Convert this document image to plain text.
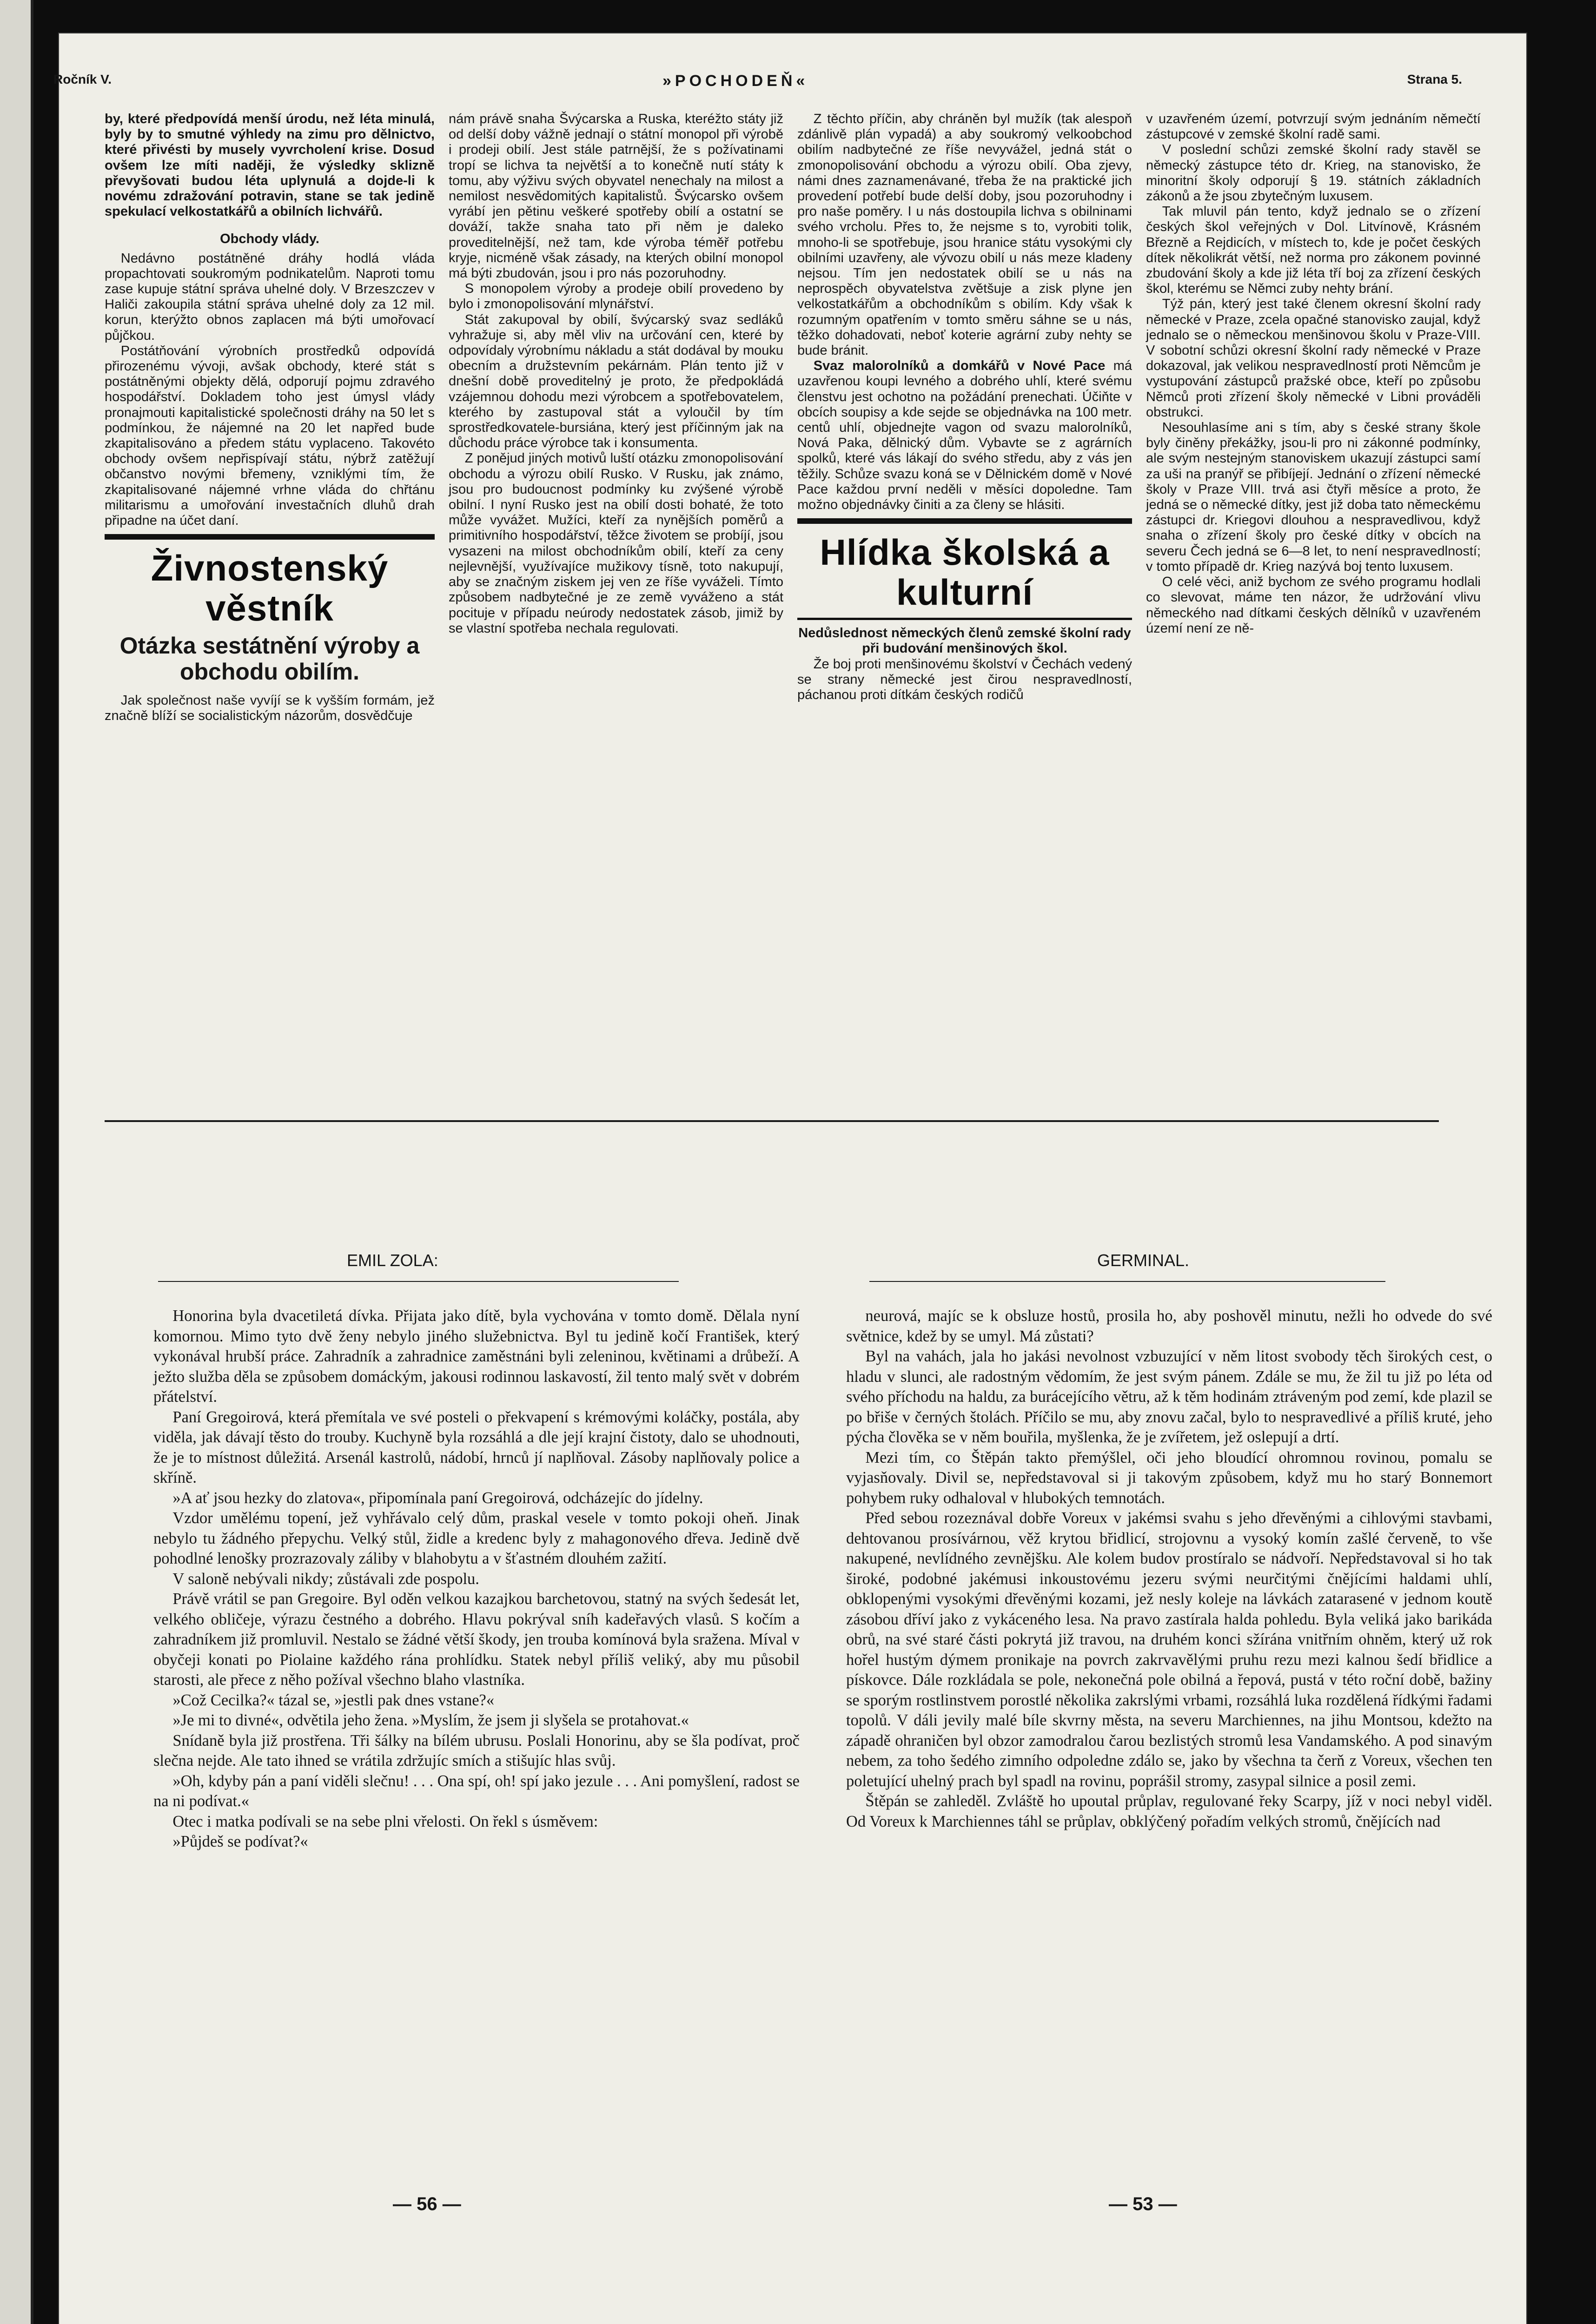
Ročník V.	»POCHODEŇ«	Strana 5.

by, které předpovídá menší úrodu, než léta minulá, byly by to smutné výhledy na zimu pro dělnictvo, které přivésti by musely vyvrcholení krise. Dosud ovšem lze míti naději, že výsledky sklizně převyšovati budou léta uplynulá a dojde-li k novému zdražování potravin, stane se tak jedině spekulací velkostatkářů a obilních lichvářů.

Obchody vlády.

Nedávno postátněné dráhy hodlá vláda propachtovati soukromým podnikatelům. Naproti tomu zase kupuje státní správa uhelné doly. V Brzeszczev v Haliči zakoupila státní správa uhelné doly za 12 mil. korun, kterýžto obnos zaplacen má býti umořovací půjčkou.

Postátňování výrobních prostředků odpovídá přirozenému vývoji, avšak obchody, které stát s postátněnými objekty dělá, odporují pojmu zdravého hospodářství. Dokladem toho jest úmysl vlády pronajmouti kapitalistické společnosti dráhy na 50 let s podmínkou, že nájemné na 20 let napřed bude zkapitalisováno a předem státu vyplaceno. Takovéto obchody ovšem nepřispívají státu, nýbrž zatěžují občanstvo novými břemeny, vzniklými tím, že zkapitalisované nájemné vrhne vláda do chřtánu militarismu a umořování investačních dluhů drah připadne na účet daní.

Živnostenský věstník
Otázka sestátnění výroby a obchodu obilím.

Jak společnost naše vyvíjí se k vyšším formám, jež značně blíží se socialistickým názorům, dosvědčuje

nám právě snaha Švýcarska a Ruska, kteréžto státy již od delší doby vážně jednají o státní monopol při výrobě i prodeji obilí. Jest stále patrnější, že s požívatinami tropí se lichva ta největší a to konečně nutí státy k tomu, aby výživu svých obyvatel nenechaly na milost a nemilost nesvědomitých kapitalistů. Švýcarsko ovšem vyrábí jen pětinu veškeré spotřeby obilí a ostatní se dováží, takže snaha tato při něm je daleko proveditelnější, než tam, kde výroba téměř potřebu kryje, nicméně však zásady, na kterých obilní monopol má býti zbudován, jsou i pro nás pozoruhodny.

S monopolem výroby a prodeje obilí provedeno by bylo i zmonopolisování mlynářství.

Stát zakupoval by obilí, švýcarský svaz sedláků vyhražuje si, aby měl vliv na určování cen, které by odpovídaly výrobnímu nákladu a stát dodával by mouku obecním a družstevním pekárnám. Plán tento již v dnešní době proveditelný je proto, že předpokládá vzájemnou dohodu mezi výrobcem a spotřebovatelem, kterého by zastupoval stát a vyloučil by tím sprostředkovatele-bursiána, který jest příčinným jak na důchodu práce výrobce tak i konsumenta.

Z ponějud jiných motivů luští otázku zmonopolisování obchodu a výrozu obilí Rusko. V Rusku, jak známo, jsou pro budoucnost podmínky ku zvýšené výrobě obilní. I nyní Rusko jest na obilí dosti bohaté, že toto může vyvážet. Mužíci, kteří za nynějších poměrů a primitivního hospodářství, těžce životem se probíjí, jsou vysazeni na milost obchodníkům obilí, kteří za ceny nejlevnější, využívajíce mužikovy tísně, toto nakupují, aby se značným ziskem jej ven ze říše vyváželi. Tímto způsobem nadbytečné je ze země vyváženo a stát pocituje v případu neúrody nedostatek zásob, jimiž by se vlastní spotřeba nechala regulovati.

Z těchto příčin, aby chráněn byl mužík (tak alespoň zdánlivě plán vypadá) a aby soukromý velkoobchod obilím nadbytečné ze říše nevyvážel, jedná stát o zmonopolisování obchodu a výrozu obilí. Oba zjevy, námi dnes zaznamenávané, třeba že na praktické jich provedení potřebí bude delší doby, jsou pozoruhodny i pro naše poměry. I u nás dostoupila lichva s obilninami svého vrcholu. Přes to, že nejsme s to, vyrobiti tolik, mnoho-li se spotřebuje, jsou hranice státu vysokými cly obilními uzavřeny, ale vývozu obilí u nás meze kladeny nejsou. Tím jen nedostatek obilí se u nás na neprospěch obyvatelstva zvětšuje a zisk plyne jen velkostatkářům a obchodníkům s obilím. Kdy však k rozumným opatřením v tomto směru sáhne se u nás, těžko dohadovati, neboť koterie agrární zuby nehty se bude bránit.

Svaz malorolníků a domkářů v Nové Pace má uzavřenou koupi levného a dobrého uhlí, které svému členstvu jest ochotno na požádání prenechati. Účiňte v obcích soupisy a kde sejde se objednávka na 100 metr. centů uhlí, objednejte vagon od svazu malorolníků, Nová Paka, dělnický dům. Vybavte se z agrárních spolků, které vás lákají do svého středu, aby z vás jen těžily. Schůze svazu koná se v Dělnickém domě v Nové Pace každou první neděli v měsíci dopoledne. Tam možno objednávky činiti a za členy se hlásiti.

Hlídka školská a kulturní

Nedůslednost německých členů zemské školní rady při budování menšinových škol.

Že boj proti menšinovému školství v Čechách vedený se strany německé jest čirou nespravedlností, páchanou proti dítkám českých rodičů

v uzavřeném území, potvrzují svým jednáním němečtí zástupcové v zemské školní radě sami.

V poslední schůzi zemské školní rady stavěl se německý zástupce této dr. Krieg, na stanovisko, že minoritní školy odporují § 19. státních základních zákonů a že jsou zbytečným luxusem.

Tak mluvil pán tento, když jednalo se o zřízení českých škol veřejných v Dol. Litvínově, Krásném Březně a Rejdicích, v místech to, kde je počet českých dítek několikrát větší, než norma pro zákonem povinné zbudování školy a kde již léta tří boj za zřízení českých škol, kterému se Němci zuby nehty brání.

Týž pán, který jest také členem okresní školní rady německé v Praze, zcela opačné stanovisko zaujal, když jednalo se o německou menšinovou školu v Praze-VIII. V sobotní schůzi okresní školní rady německé v Praze dokazoval, jak velikou nespravedlností proti Němcům je vystupování zástupců pražské obce, kteří po způsobu Němců proti zřízení školy německé v Libni prováděli obstrukci.

Nesouhlasíme ani s tím, aby s české strany škole byly činěny překážky, jsou-li pro ni zákonné podmínky, ale svým nestejným stanoviskem ukazují zástupci samí za uši na pranýř se přibíjejí. Jednání o zřízení německé školy v Praze VIII. trvá asi čtyři měsíce a proto, že jedná se o německé dítky, jest již doba tato německému zástupci dr. Kriegovi dlouhou a nespravedlivou, když snaha o zřízení školy pro české dítky v obcích na severu Čech jedná se 6—8 let, to není nespravedlností; v tomto případě dr. Krieg nazývá boj tento luxusem.

O celé věci, aniž bychom ze svého programu hodlali co slevovat, máme ten názor, že udržování vlivu německého nad dítkami českých dělníků v uzavřeném území není ze ně-

EMIL ZOLA:	GERMINAL.

Honorina byla dvacetiletá dívka. Přijata jako dítě, byla vychována v tomto domě. Dělala nyní komornou. Mimo tyto dvě ženy nebylo jiného služebnictva. Byl tu jedině kočí František, který vykonával hrubší práce. Zahradník a zahradnice zaměstnáni byli zeleninou, květinami a drůbeží. A ježto služba děla se způsobem domáckým, jakousi rodinnou laskavostí, žil tento malý svět v dobrém přátelství.

Paní Gregoirová, která přemítala ve své posteli o překvapení s krémovými koláčky, postála, aby viděla, jak dávají těsto do trouby. Kuchyně byla rozsáhlá a dle její krajní čistoty, dalo se uhodnouti, že je to místnost důležitá. Arsenál kastrolů, nádobí, hrnců jí naplňoval. Zásoby naplňovaly police a skříně.

»A ať jsou hezky do zlatova«, připomínala paní Gregoirová, odcházejíc do jídelny.

Vzdor umělému topení, jež vyhřávalo celý dům, praskal vesele v tomto pokoji oheň. Jinak nebylo tu žádného přepychu. Velký stůl, židle a kredenc byly z mahagonového dřeva. Jedině dvě pohodlné lenošky prozrazovaly záliby v blahobytu a v šťastném dlouhém zažití.

V saloně nebývali nikdy; zůstávali zde pospolu.

Právě vrátil se pan Gregoire. Byl oděn velkou kazajkou barchetovou, statný na svých šedesát let, velkého obličeje, výrazu čestného a dobrého. Hlavu pokrýval sníh kadeřavých vlasů. S kočím a zahradníkem již promluvil. Nestalo se žádné větší škody, jen trouba komínová byla sražena. Míval v obyčeji konati po Piolaine každého rána prohlídku. Statek nebyl příliš veliký, aby mu působil starosti, ale přece z něho požíval všechno blaho vlastníka.

»Což Cecilka?« tázal se, »jestli pak dnes vstane?«

»Je mi to divné«, odvětila jeho žena. »Myslím, že jsem ji slyšela se protahovat.«

Snídaně byla již prostřena. Tři šálky na bílém ubrusu. Poslali Honorinu, aby se šla podívat, proč slečna nejde. Ale tato ihned se vrátila zdržujíc smích a stišujíc hlas svůj.

»Oh, kdyby pán a paní viděli slečnu! . . . Ona spí, oh! spí jako jezule . . . Ani pomyšlení, radost se na ni podívat.«

Otec i matka podívali se na sebe plni vřelosti. On řekl s úsměvem:

»Půjdeš se podívat?«

neurová, majíc se k obsluze hostů, prosila ho, aby poshověl minutu, nežli ho odvede do své světnice, kdež by se umyl. Má zůstati?

Byl na vahách, jala ho jakási nevolnost vzbuzující v něm litost svobody těch širokých cest, o hladu v slunci, ale radostným vědomím, že jest svým pánem. Zdále se mu, že žil tu již po léta od svého příchodu na haldu, za burácejícího větru, až k těm hodinám ztráveným pod zemí, kde plazil se po břiše v černých štolách. Příčilo se mu, aby znovu začal, bylo to nespravedlivé a příliš kruté, jeho pýcha člověka se v něm bouřila, myšlenka, že je zvířetem, jež oslepují a drtí.

Mezi tím, co Štěpán takto přemýšlel, oči jeho bloudící ohromnou rovinou, pomalu se vyjasňovaly. Divil se, nepředstavoval si ji takovým způsobem, když mu ho starý Bonnemort pohybem ruky odhaloval v hlubokých temnotách.

Před sebou rozeznával dobře Voreux v jakémsi svahu s jeho dřevěnými a cihlovými stavbami, dehtovanou prosívárnou, věž krytou břidlicí, strojovnu a vysoký komín zašlé červeně, to vše nakupené, nevlídného zevnějšku. Ale kolem budov prostíralo se nádvoří. Nepředstavoval si ho tak široké, podobné jakémusi inkoustovému jezeru svými neurčitými čnějícími haldami uhlí, obklopenými vysokými dřevěnými kozami, jež nesly koleje na lávkách zatarasené v jednom koutě zásobou dříví jako z vykáceného lesa. Na pravo zastírala halda pohledu. Byla veliká jako barikáda obrů, na své staré části pokrytá již travou, na druhém konci sžírána vnitřním ohněm, který už rok hořel hustým dýmem pronikaje na povrch zakrvavělými pruhu rezu mezi kalnou šedí břidlice a pískovce. Dále rozkládala se pole, nekonečná pole obilná a řepová, pustá v této roční době, bažiny se sporým rostlinstvem porostlé několika zakrslými vrbami, rozsáhlá luka rozdělená řídkými řadami topolů. V dáli jevily malé bíle skvrny města, na severu Marchiennes, na jihu Montsou, kdežto na západě ohraničen byl obzor zamodralou čarou bezlistých stromů lesa Vandamského. A pod sinavým nebem, za toho šedého zimního odpoledne zdálo se, jako by všechna ta čerň z Voreux, všechen ten poletující uhelný prach byl spadl na rovinu, poprášil stromy, zasypal silnice a posil zemi.

Štěpán se zahleděl. Zvláště ho upoutal průplav, regulované řeky Scarpy, jíž v noci nebyl viděl. Od Voreux k Marchiennes táhl se průplav, obklýčený pořadím velkých stromů, čnějících nad

— 56 —	— 53 —
